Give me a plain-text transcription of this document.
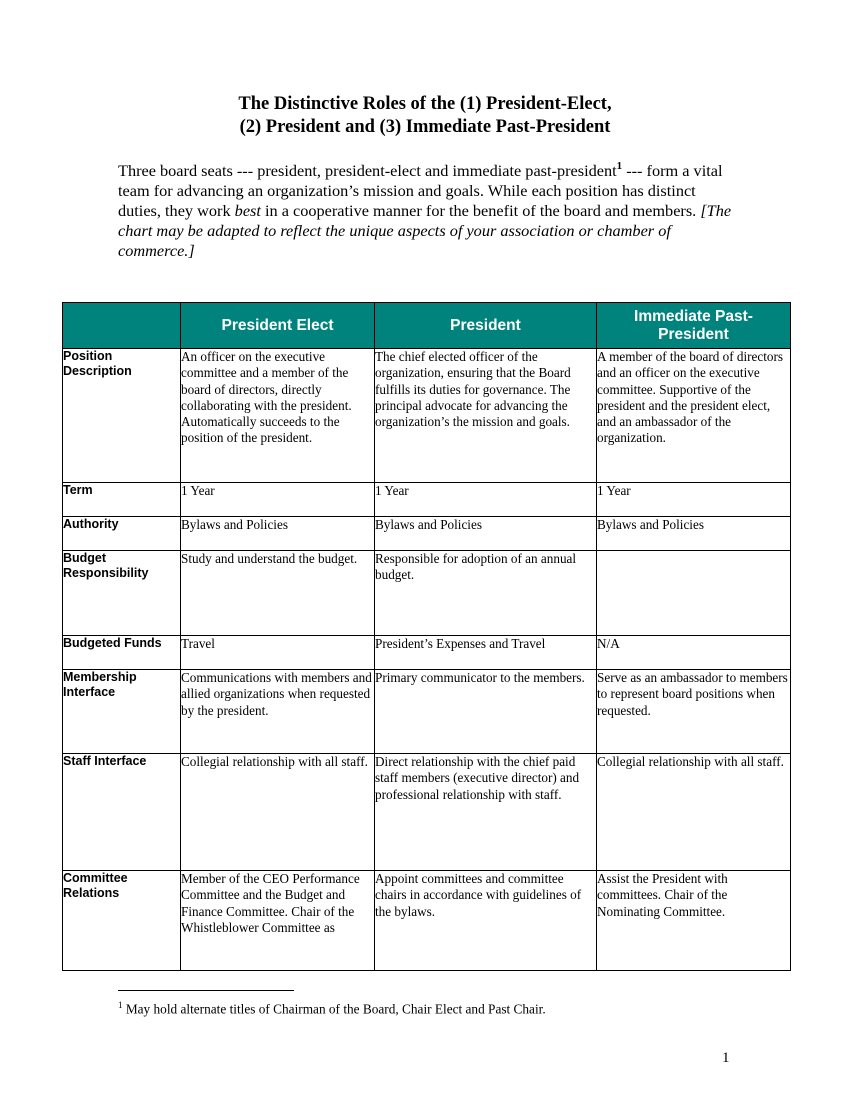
The Distinctive Roles of the (1) President-Elect,
(2) President and (3) Immediate Past-President
Three board seats --- president, president-elect and immediate past-president$^1$ --- form a vital team for advancing an organization’s mission and goals. While each position has distinct duties, they work best in a cooperative manner for the benefit of the board and members. [The chart may be adapted to reflect the unique aspects of your association or chamber of commerce.]
	President Elect	President	Immediate Past-President
Position Description	An officer on the executive committee and a member of the board of directors, directly collaborating with the president. Automatically succeeds to the position of the president.	The chief elected officer of the organization, ensuring that the Board fulfills its duties for governance. The principal advocate for advancing the organization’s the mission and goals.	A member of the board of directors and an officer on the executive committee. Supportive of the president and the president elect, and an ambassador of the organization.

Term	1 Year	1 Year	1 Year

Authority	Bylaws and Policies	Bylaws and Policies	Bylaws and Policies

Budget Responsibility	Study and understand the budget.	Responsible for adoption of an annual budget.	

Budgeted Funds	Travel	President’s Expenses and Travel	N/A

Membership Interface	Communications with members and allied organizations when requested by the president.	Primary communicator to the members.	Serve as an ambassador to members to represent board positions when requested.

Staff Interface	Collegial relationship with all staff.	Direct relationship with the chief paid staff members (executive director) and professional relationship with staff.	Collegial relationship with all staff.

Committee Relations	Member of the CEO Performance Committee and the Budget and Finance Committee. Chair of the Whistleblower Committee as	Appoint committees and committee chairs in accordance with guidelines of the bylaws.	Assist the President with committees. Chair of the Nominating Committee.
$^1$ May hold alternate titles of Chairman of the Board, Chair Elect and Past Chair.
1
